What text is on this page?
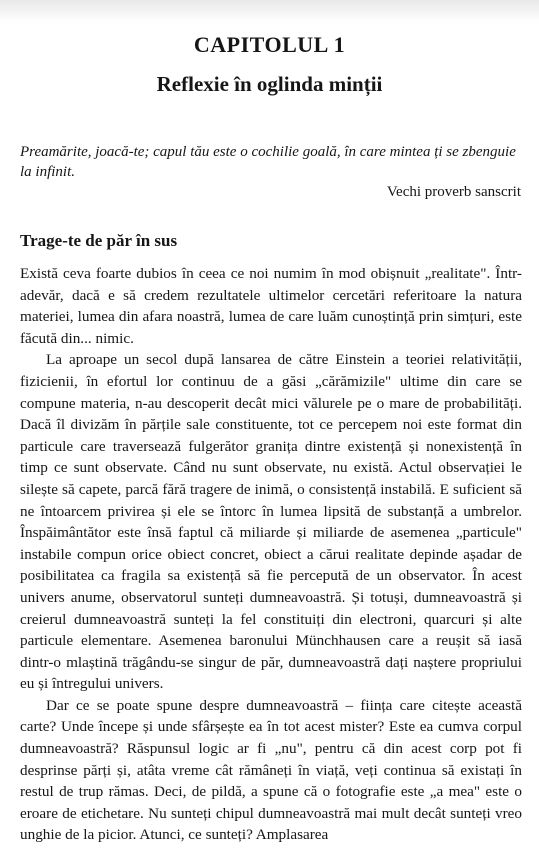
CAPITOLUL 1
Reflexie în oglinda minții

Preamărite, joacă-te; capul tău este o cochilie goală, în care mintea ți se zbenguie la infinit.

Vechi proverb sanscrit
Trage-te de păr în sus

Există ceva foarte dubios în ceea ce noi numim în mod obișnuit „realitate". Într-adevăr, dacă e să credem rezultatele ultimelor cercetări referitoare la natura materiei, lumea din afara noastră, lumea de care luăm cunoștință prin simțuri, este făcută din... nimic.

La aproape un secol după lansarea de către Einstein a teoriei relativității, fizicienii, în efortul lor continuu de a găsi „cărămizile" ultime din care se compune materia, n-au descoperit decât mici vălurele pe o mare de probabilități. Dacă îl divizăm în părțile sale constituente, tot ce percepem noi este format din particule care traversează fulgerător granița dintre existență și nonexistență în timp ce sunt observate. Când nu sunt observate, nu există. Actul observației le silește să capete, parcă fără tragere de inimă, o consistență instabilă. E suficient să ne întoarcem privirea și ele se întorc în lumea lipsită de substanță a umbrelor. Înspăimântător este însă faptul că miliarde și miliarde de asemenea „particule" instabile compun orice obiect concret, obiect a cărui realitate depinde așadar de posibilitatea ca fragila sa existență să fie percepută de un observator. În acest univers anume, observatorul sunteți dumneavoastră. Și totuși, dumneavoastră și creierul dumneavoastră sunteți la fel constituiți din electroni, quarcuri și alte particule elementare. Asemenea baronului Münchhausen care a reușit să iasă dintr-o mlaștină trăgându-se singur de păr, dumneavoastră dați naștere propriului eu și întregului univers.

Dar ce se poate spune despre dumneavoastră – ființa care citește această carte? Unde începe și unde sfârșește ea în tot acest mister? Este ea cumva corpul dumneavoastră? Răspunsul logic ar fi „nu", pentru că din acest corp pot fi desprinse părți și, atâta vreme cât rămâneți în viață, veți continua să existați în restul de trup rămas. Deci, de pildă, a spune că o fotografie este „a mea" este o eroare de etichetare. Nu sunteți chipul dumneavoastră mai mult decât sunteți vreo unghie de la picior. Atunci, ce sunteți? Amplasarea
